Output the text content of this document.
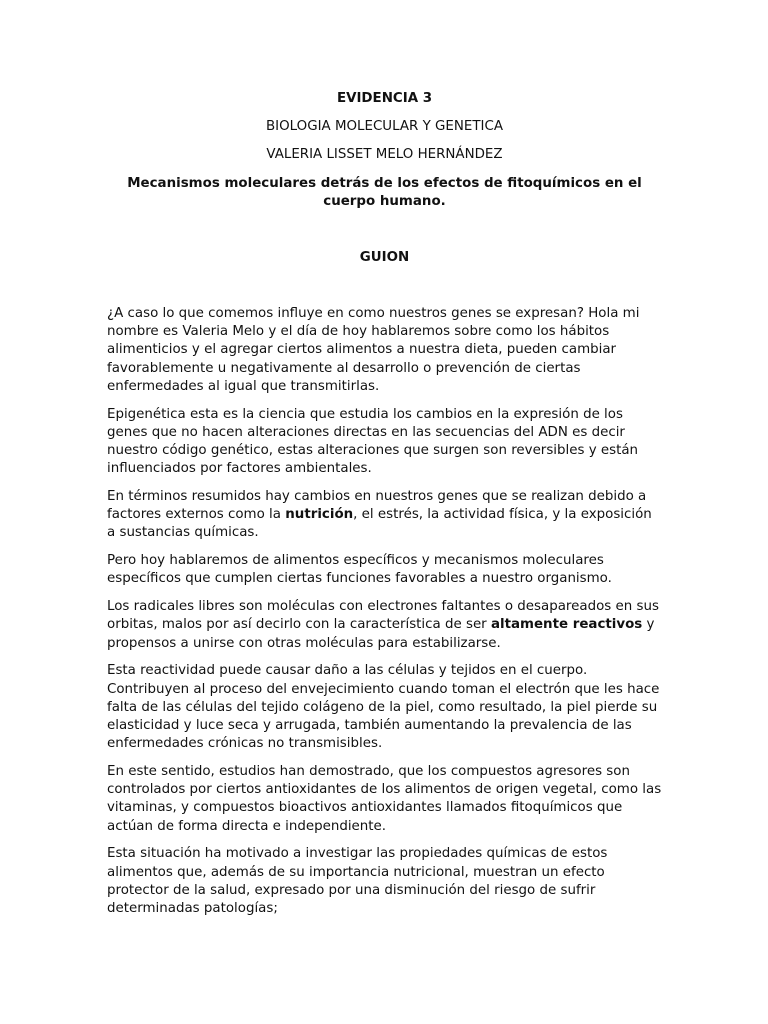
EVIDENCIA 3

BIOLOGIA MOLECULAR Y GENETICA

VALERIA LISSET MELO HERNÁNDEZ

Mecanismos moleculares detrás de los efectos de fitoquímicos en el cuerpo humano.

GUION

¿A caso lo que comemos influye en como nuestros genes se expresan? Hola mi nombre es Valeria Melo y el día de hoy hablaremos sobre como los hábitos alimenticios y el agregar ciertos alimentos a nuestra dieta, pueden cambiar favorablemente u negativamente al desarrollo o prevención de ciertas enfermedades al igual que transmitirlas.

Epigenética esta es la ciencia que estudia los cambios en la expresión de los genes que no hacen alteraciones directas en las secuencias del ADN es decir nuestro código genético, estas alteraciones que surgen son reversibles y están influenciados por factores ambientales.

En términos resumidos hay cambios en nuestros genes que se realizan debido a factores externos como la nutrición, el estrés, la actividad física, y la exposición a sustancias químicas.

Pero hoy hablaremos de alimentos específicos y mecanismos moleculares específicos que cumplen ciertas funciones favorables a nuestro organismo.

Los radicales libres son moléculas con electrones faltantes o desapareados en sus orbitas, malos por así decirlo con la característica de ser altamente reactivos y propensos a unirse con otras moléculas para estabilizarse.

Esta reactividad puede causar daño a las células y tejidos en el cuerpo. Contribuyen al proceso del envejecimiento cuando toman el electrón que les hace falta de las células del tejido colágeno de la piel, como resultado, la piel pierde su elasticidad y luce seca y arrugada, también aumentando la prevalencia de las enfermedades crónicas no transmisibles.

En este sentido, estudios han demostrado, que los compuestos agresores son controlados por ciertos antioxidantes de los alimentos de origen vegetal, como las vitaminas, y compuestos bioactivos antioxidantes llamados fitoquímicos que actúan de forma directa e independiente.

Esta situación ha motivado a investigar las propiedades químicas de estos alimentos que, además de su importancia nutricional, muestran un efecto protector de la salud, expresado por una disminución del riesgo de sufrir determinadas patologías;
